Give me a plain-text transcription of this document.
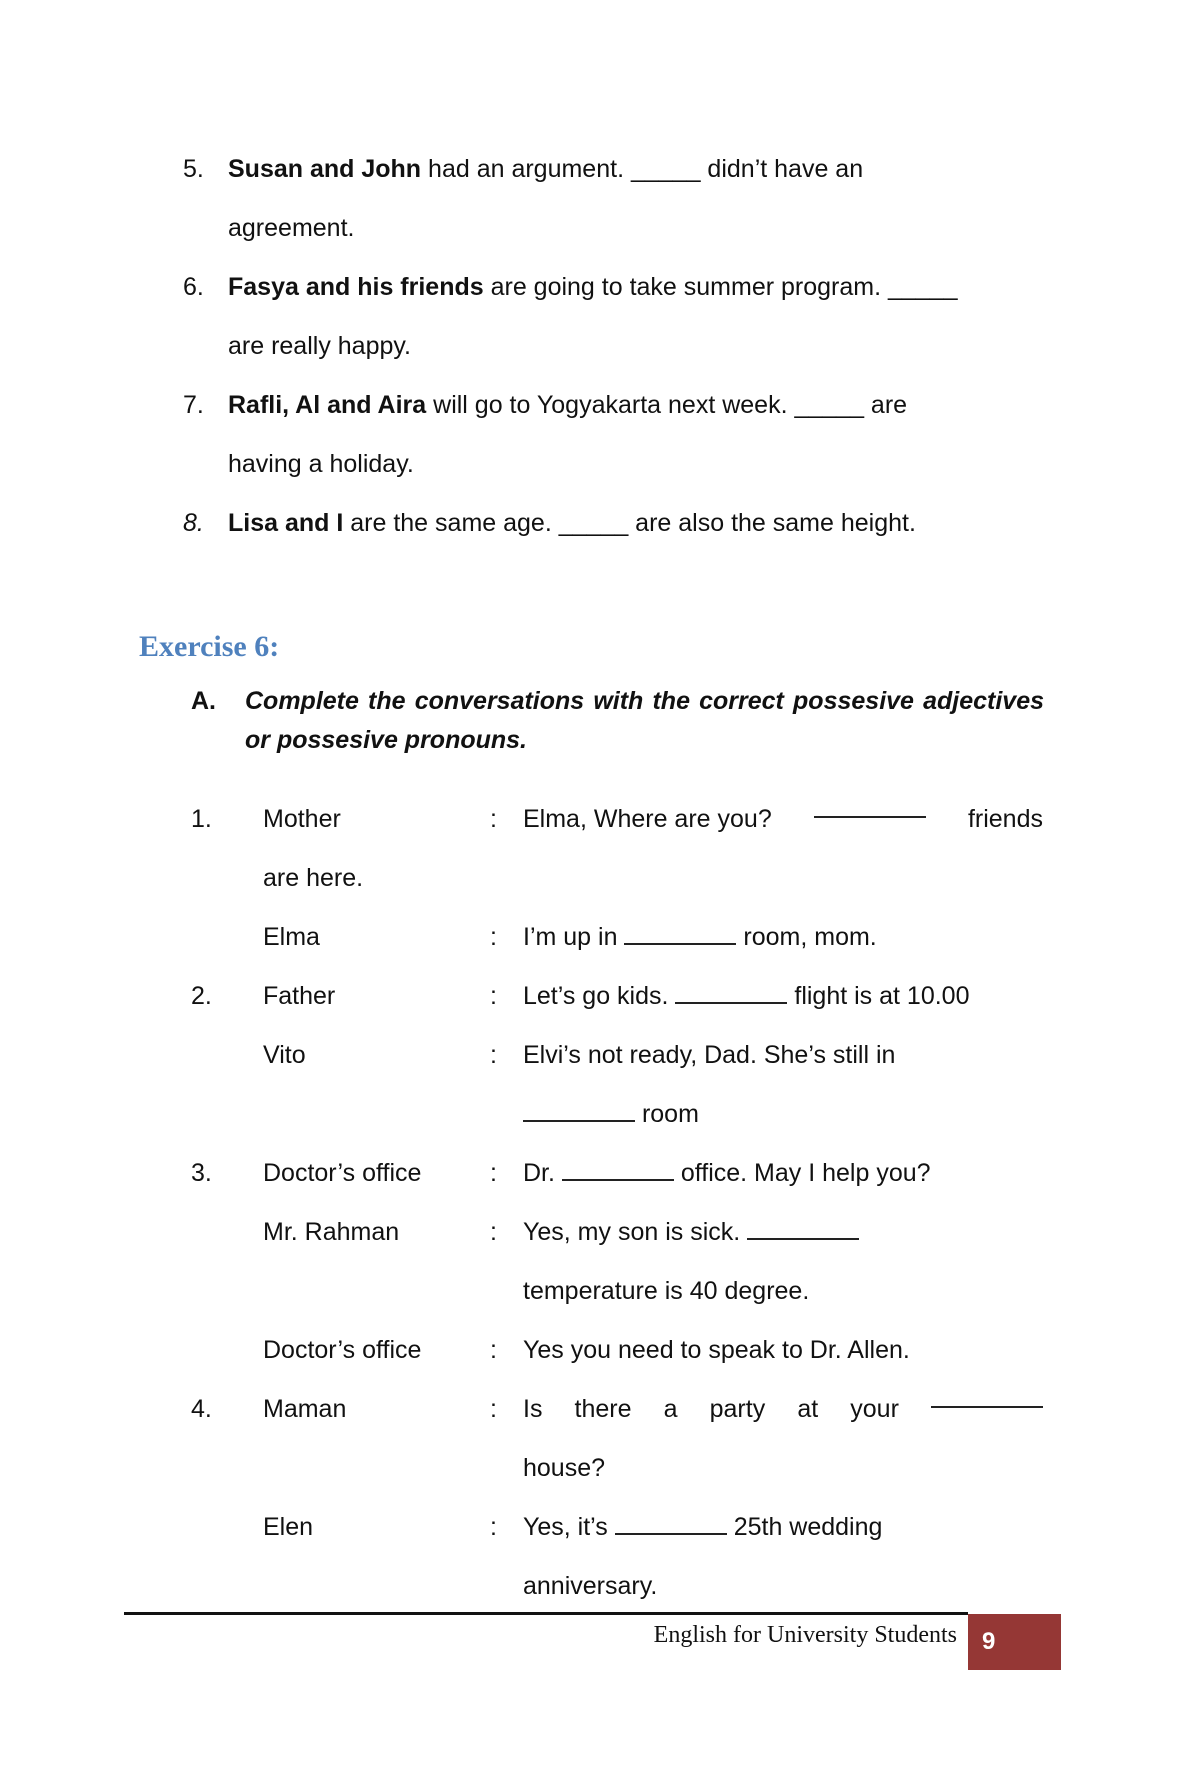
5. Susan and John had an argument. _____ didn’t have an
agreement.

6. Fasya and his friends are going to take summer program. _____
are really happy.

7. Rafli, Al and Aira will go to Yogyakarta next week. _____ are
having a holiday.

8. Lisa and I are the same age. _____ are also the same height.

Exercise 6:
A. Complete the conversations with the correct possesive adjectives or possesive pronouns.
1. Mother	: Elma, Where are you?	friends
are here.
Elma	: I’m up in	room, mom.
2. Father	: Let’s go kids.	flight is at 10.00
Vito	: Elvi’s not ready, Dad. She’s still in
room
3. Doctor’s office	: Dr.	office. May I help you?
Mr. Rahman	: Yes, my son is sick.
temperature is 40 degree.
Doctor’s office	: Yes you need to speak to Dr. Allen.
4. Maman	: Is there a party at your
house?
Elen	: Yes, it’s	25th wedding
anniversary.
English for University Students	9
